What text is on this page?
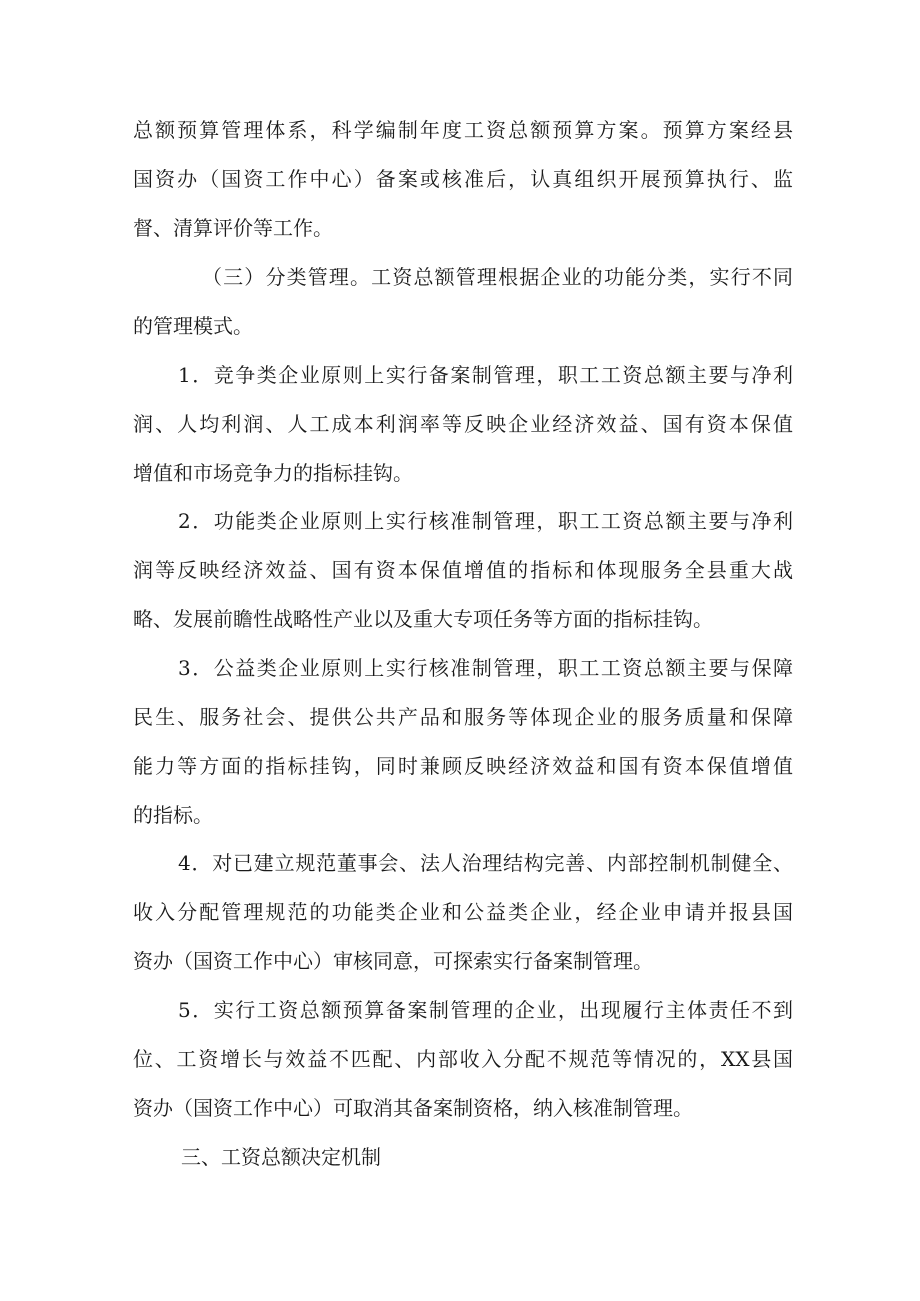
总额预算管理体系，科学编制年度工资总额预算方案。预算方案经县
国资办（国资工作中心）备案或核准后，认真组织开展预算执行、监
督、清算评价等工作。
（三）分类管理。工资总额管理根据企业的功能分类，实行不同
的管理模式。
1．竞争类企业原则上实行备案制管理，职工工资总额主要与净利
润、人均利润、人工成本利润率等反映企业经济效益、国有资本保值
增值和市场竞争力的指标挂钩。
2．功能类企业原则上实行核准制管理，职工工资总额主要与净利
润等反映经济效益、国有资本保值增值的指标和体现服务全县重大战
略、发展前瞻性战略性产业以及重大专项任务等方面的指标挂钩。
3．公益类企业原则上实行核准制管理，职工工资总额主要与保障
民生、服务社会、提供公共产品和服务等体现企业的服务质量和保障
能力等方面的指标挂钩，同时兼顾反映经济效益和国有资本保值增值
的指标。
4．对已建立规范董事会、法人治理结构完善、内部控制机制健全、
收入分配管理规范的功能类企业和公益类企业，经企业申请并报县国
资办（国资工作中心）审核同意，可探索实行备案制管理。
5．实行工资总额预算备案制管理的企业，出现履行主体责任不到
位、工资增长与效益不匹配、内部收入分配不规范等情况的，XX县国
资办（国资工作中心）可取消其备案制资格，纳入核准制管理。
三、工资总额决定机制
